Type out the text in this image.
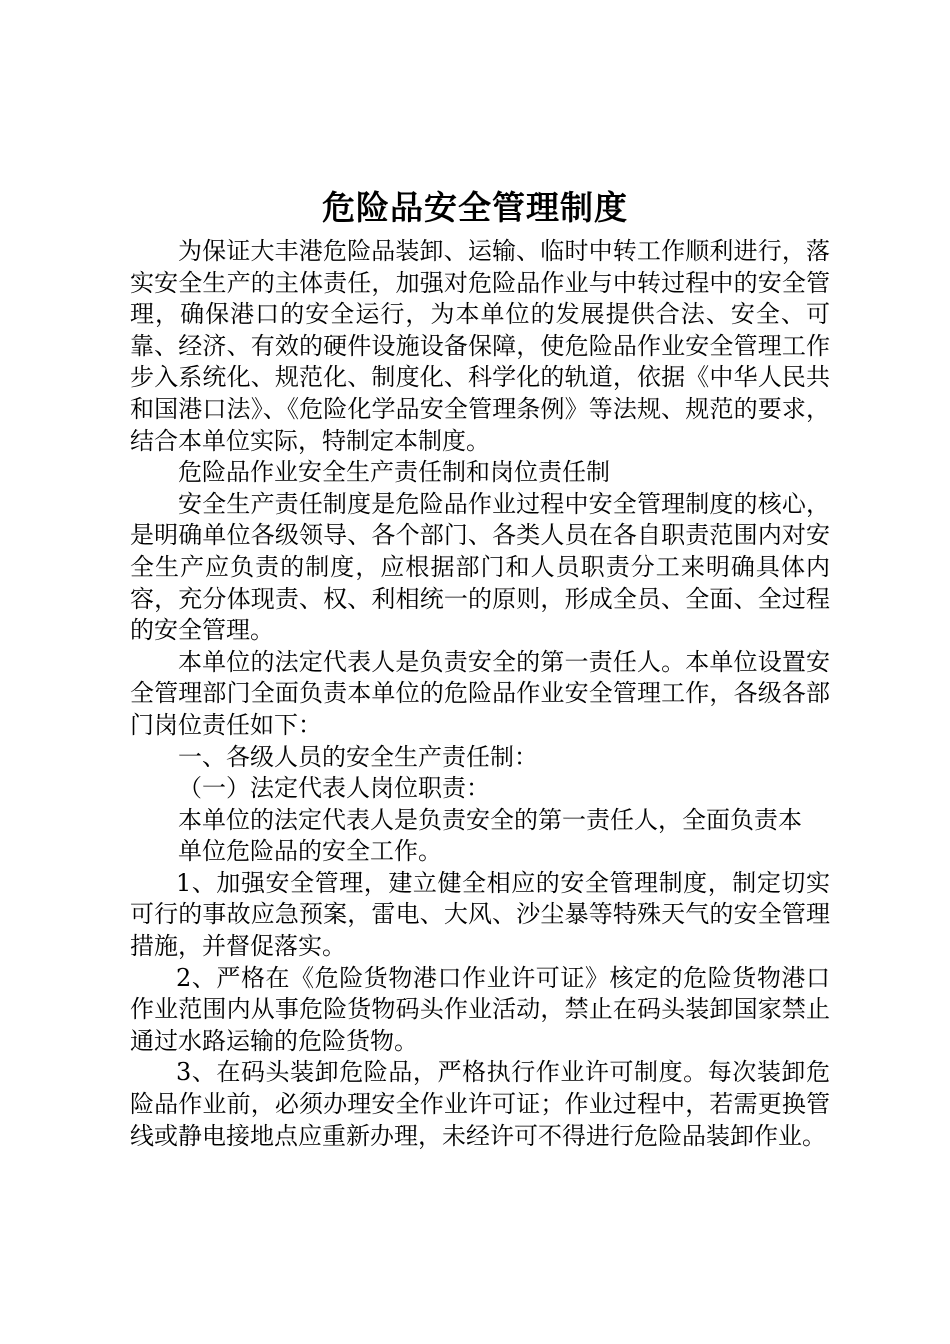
危险品安全管理制度

为保证大丰港危险品装卸、运输、临时中转工作顺利进行，落实安全生产的主体责任，加强对危险品作业与中转过程中的安全管理，确保港口的安全运行，为本单位的发展提供合法、安全、可靠、经济、有效的硬件设施设备保障，使危险品作业安全管理工作步入系统化、规范化、制度化、科学化的轨道，依据《中华人民共和国港口法》、《危险化学品安全管理条例》等法规、规范的要求，结合本单位实际，特制定本制度。

危险品作业安全生产责任制和岗位责任制

安全生产责任制度是危险品作业过程中安全管理制度的核心，是明确单位各级领导、各个部门、各类人员在各自职责范围内对安全生产应负责的制度，应根据部门和人员职责分工来明确具体内容，充分体现责、权、利相统一的原则，形成全员、全面、全过程的安全管理。

本单位的法定代表人是负责安全的第一责任人。本单位设置安全管理部门全面负责本单位的危险品作业安全管理工作，各级各部门岗位责任如下：

一、各级人员的安全生产责任制：

（一）法定代表人岗位职责：

本单位的法定代表人是负责安全的第一责任人，全面负责本

单位危险品的安全工作。

1、加强安全管理，建立健全相应的安全管理制度，制定切实可行的事故应急预案，雷电、大风、沙尘暴等特殊天气的安全管理措施，并督促落实。

2、严格在《危险货物港口作业许可证》核定的危险货物港口作业范围内从事危险货物码头作业活动，禁止在码头装卸国家禁止通过水路运输的危险货物。

3、在码头装卸危险品，严格执行作业许可制度。每次装卸危险品作业前，必须办理安全作业许可证；作业过程中，若需更换管线或静电接地点应重新办理，未经许可不得进行危险品装卸作业。
